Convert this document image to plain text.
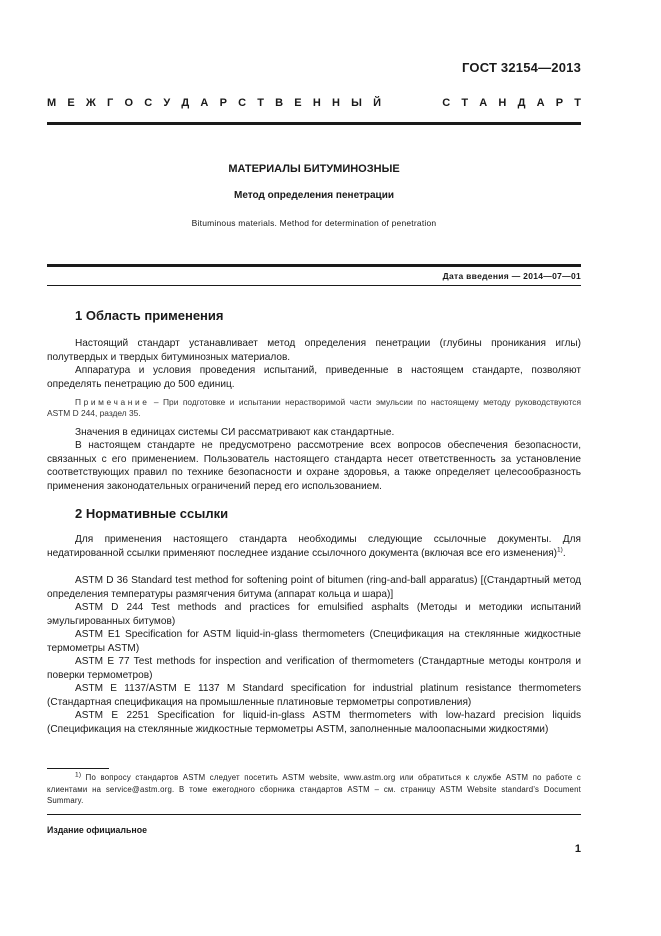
ГОСТ 32154—2013
М Е Ж Г О С У Д А Р С Т В Е Н Н Ы Й	С Т А Н Д А Р Т
МАТЕРИАЛЫ БИТУМИНОЗНЫЕ
Метод определения пенетрации
Bituminous materials. Method for determination of penetration
Дата введения — 2014—07—01
1 Область применения

Настоящий стандарт устанавливает метод определения пенетрации (глубины проникания иглы) полутвердых и твердых битуминозных материалов.

Аппаратура и условия проведения испытаний, приведенные в настоящем стандарте, позволяют определять пенетрацию до 500 единиц.

Примечание – При подготовке и испытании нерастворимой части эмульсии по настоящему методу руководствуются ASTM D 244, раздел 35.

Значения в единицах системы СИ рассматривают как стандартные.

В настоящем стандарте не предусмотрено рассмотрение всех вопросов обеспечения безопасности, связанных с его применением. Пользователь настоящего стандарта несет ответственность за установление соответствующих правил по технике безопасности и охране здоровья, а также определяет целесообразность применения законодательных ограничений перед его использованием.

2 Нормативные ссылки

Для применения настоящего стандарта необходимы следующие ссылочные документы. Для недатированной ссылки применяют последнее издание ссылочного документа (включая все его изменения)$^{1)}$.

ASTM D 36 Standard test method for softening point of bitumen (ring-and-ball apparatus) [(Стандартный метод определения температуры размягчения битума (аппарат кольца и шара)]

ASTM D 244 Test methods and practices for emulsified asphalts (Методы и методики испытаний эмульгированных битумов)

ASTM E1 Specification for ASTM liquid-in-glass thermometers (Спецификация на стеклянные жидкостные термометры ASTM)

ASTM E 77 Test methods for inspection and verification of thermometers (Стандартные методы контроля и поверки термометров)

ASTM E 1137/ASTM E 1137 M Standard specification for industrial platinum resistance thermometers (Стандартная спецификация на промышленные платиновые термометры сопротивления)

ASTM E 2251 Specification for liquid-in-glass ASTM thermometers with low-hazard precision liquids (Спецификация на стеклянные жидкостные термометры ASTM, заполненные малоопасными жидкостями)

$^{1)}$ По вопросу стандартов ASTM следует посетить ASTM website, www.astm.org или обратиться к службе ASTM по работе с клиентами на service@astm.org. В томе ежегодного сборника стандартов ASTM – см. страницу ASTM Website standard’s Document Summary.

Издание официальное
1
